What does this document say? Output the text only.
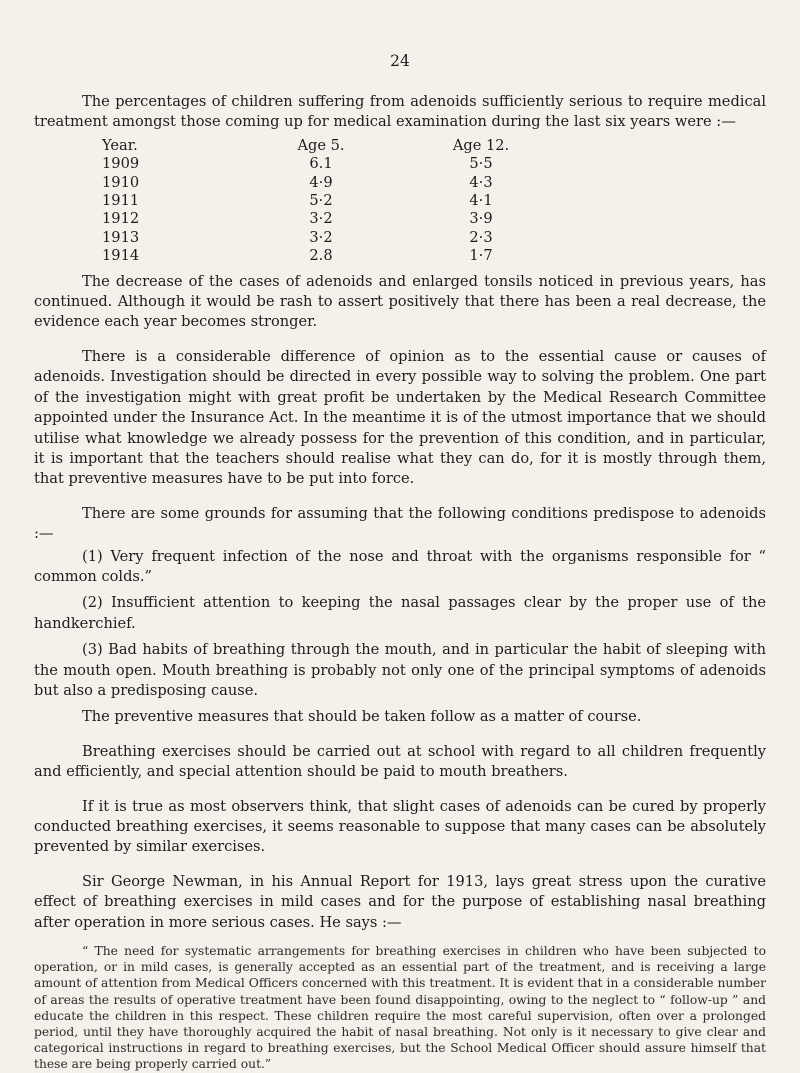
24

The percentages of children suffering from adenoids sufficiently serious to require medical treatment amongst those coming up for medical examination during the last six years were :—

Year.	Age 5.	Age 12.
1909	6.1	5·5
1910	4·9	4·3
1911	5·2	4·1
1912	3·2	3·9
1913	3·2	2·3
1914	2.8	1·7

The decrease of the cases of adenoids and enlarged tonsils noticed in previous years, has continued. Although it would be rash to assert positively that there has been a real decrease, the evidence each year becomes stronger.

There is a considerable difference of opinion as to the essential cause or causes of adenoids. Investigation should be directed in every possible way to solving the problem. One part of the investigation might with great profit be undertaken by the Medical Research Committee appointed under the Insurance Act. In the meantime it is of the utmost importance that we should utilise what knowledge we already possess for the prevention of this condition, and in particular, it is important that the teachers should realise what they can do, for it is mostly through them, that preventive measures have to be put into force.

There are some grounds for assuming that the following conditions predispose to adenoids :—

(1) Very frequent infection of the nose and throat with the organisms responsible for “ common colds.”

(2) Insufficient attention to keeping the nasal passages clear by the proper use of the handkerchief.

(3) Bad habits of breathing through the mouth, and in particular the habit of sleeping with the mouth open. Mouth breathing is probably not only one of the principal symptoms of adenoids but also a predisposing cause.

The preventive measures that should be taken follow as a matter of course.

Breathing exercises should be carried out at school with regard to all children frequently and efficiently, and special attention should be paid to mouth breathers.

If it is true as most observers think, that slight cases of adenoids can be cured by properly conducted breathing exercises, it seems reasonable to suppose that many cases can be absolutely prevented by similar exercises.

Sir George Newman, in his Annual Report for 1913, lays great stress upon the curative effect of breathing exercises in mild cases and for the purpose of establishing nasal breathing after operation in more serious cases. He says :—

“ The need for systematic arrangements for breathing exercises in children who have been subjected to operation, or in mild cases, is generally accepted as an essential part of the treatment, and is receiving a large amount of attention from Medical Officers concerned with this treatment. It is evident that in a considerable number of areas the results of operative treatment have been found disappointing, owing to the neglect to “ follow-up ” and educate the children in this respect. These children require the most careful supervision, often over a prolonged period, until they have thoroughly acquired the habit of nasal breathing. Not only is it necessary to give clear and categorical instructions in regard to breathing exercises, but the School Medical Officer should assure himself that these are being properly carried out.”
